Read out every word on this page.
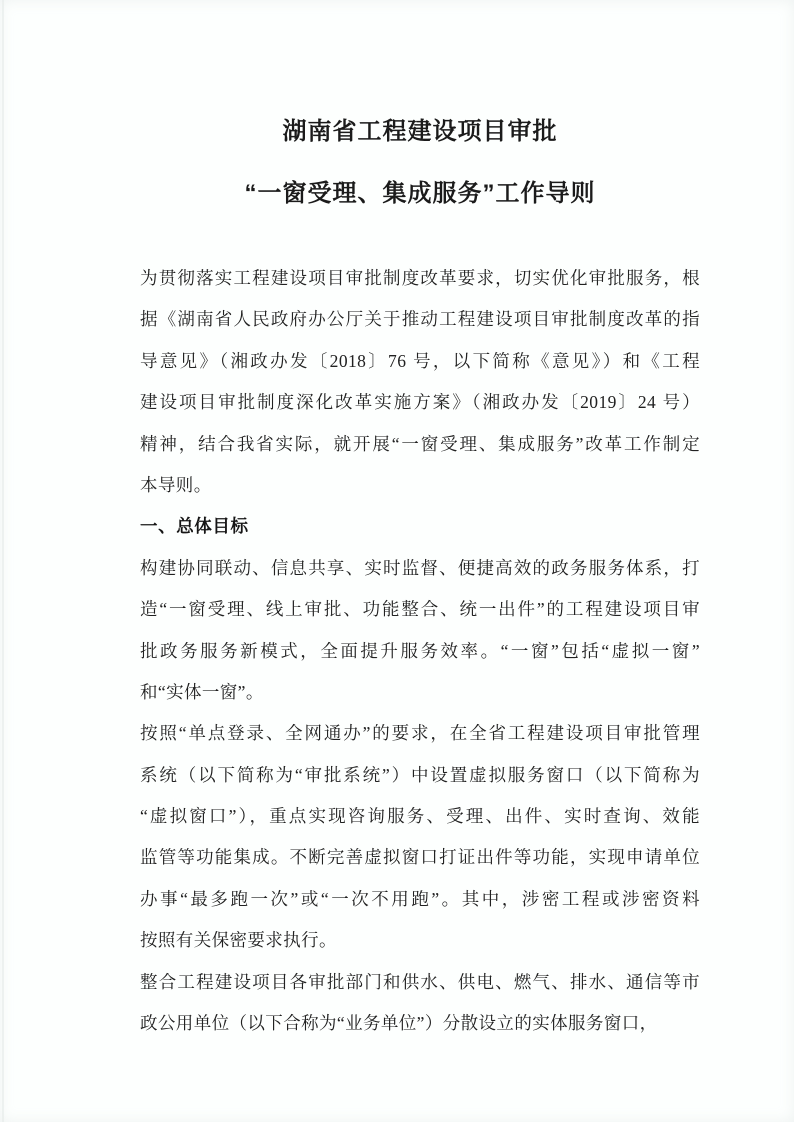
湖南省工程建设项目审批
“一窗受理、集成服务”工作导则
为贯彻落实工程建设项目审批制度改革要求，切实优化审批服务，根
据《湖南省人民政府办公厅关于推动工程建设项目审批制度改革的指
导意见》（湘政办发〔2018〕76 号，以下简称《意见》）和《工程
建设项目审批制度深化改革实施方案》（湘政办发〔2019〕24 号）
精神，结合我省实际，就开展“一窗受理、集成服务”改革工作制定
本导则。
一、总体目标
构建协同联动、信息共享、实时监督、便捷高效的政务服务体系，打
造“一窗受理、线上审批、功能整合、统一出件”的工程建设项目审
批政务服务新模式，全面提升服务效率。“一窗”包括“虚拟一窗”
和“实体一窗”。
按照“单点登录、全网通办”的要求，在全省工程建设项目审批管理
系统（以下简称为“审批系统”）中设置虚拟服务窗口（以下简称为
“虚拟窗口”），重点实现咨询服务、受理、出件、实时查询、效能
监管等功能集成。不断完善虚拟窗口打证出件等功能，实现申请单位
办事“最多跑一次”或“一次不用跑”。其中，涉密工程或涉密资料
按照有关保密要求执行。
整合工程建设项目各审批部门和供水、供电、燃气、排水、通信等市
政公用单位（以下合称为“业务单位”）分散设立的实体服务窗口，
